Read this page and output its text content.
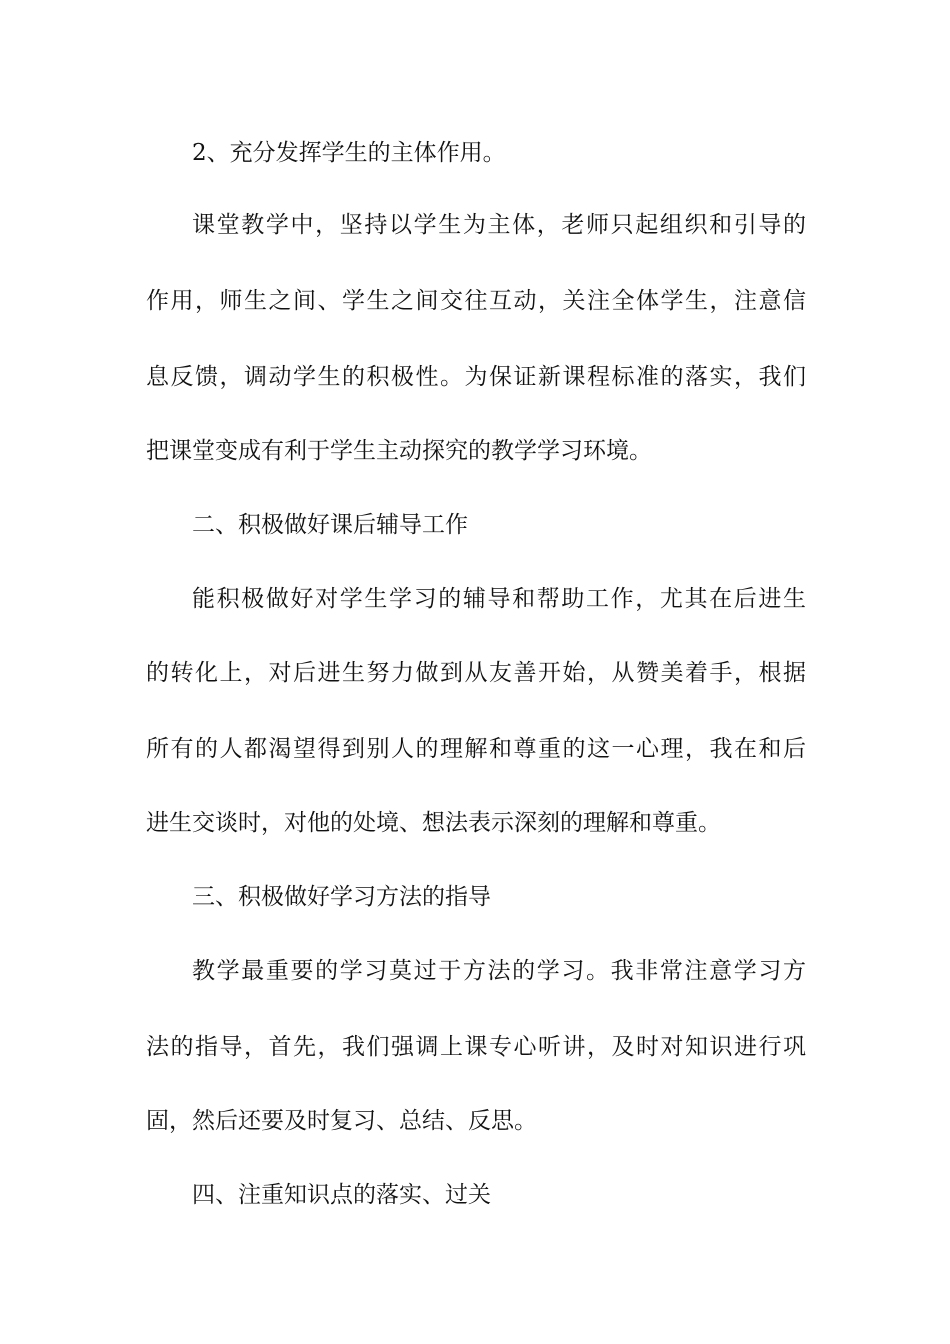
2、充分发挥学生的主体作用。
课堂教学中，坚持以学生为主体，老师只起组织和引导的
作用，师生之间、学生之间交往互动，关注全体学生，注意信
息反馈，调动学生的积极性。为保证新课程标准的落实，我们
把课堂变成有利于学生主动探究的教学学习环境。
二、积极做好课后辅导工作
能积极做好对学生学习的辅导和帮助工作，尤其在后进生
的转化上，对后进生努力做到从友善开始，从赞美着手，根据
所有的人都渴望得到别人的理解和尊重的这一心理，我在和后
进生交谈时，对他的处境、想法表示深刻的理解和尊重。
三、积极做好学习方法的指导
教学最重要的学习莫过于方法的学习。我非常注意学习方
法的指导，首先，我们强调上课专心听讲，及时对知识进行巩
固，然后还要及时复习、总结、反思。
四、注重知识点的落实、过关
